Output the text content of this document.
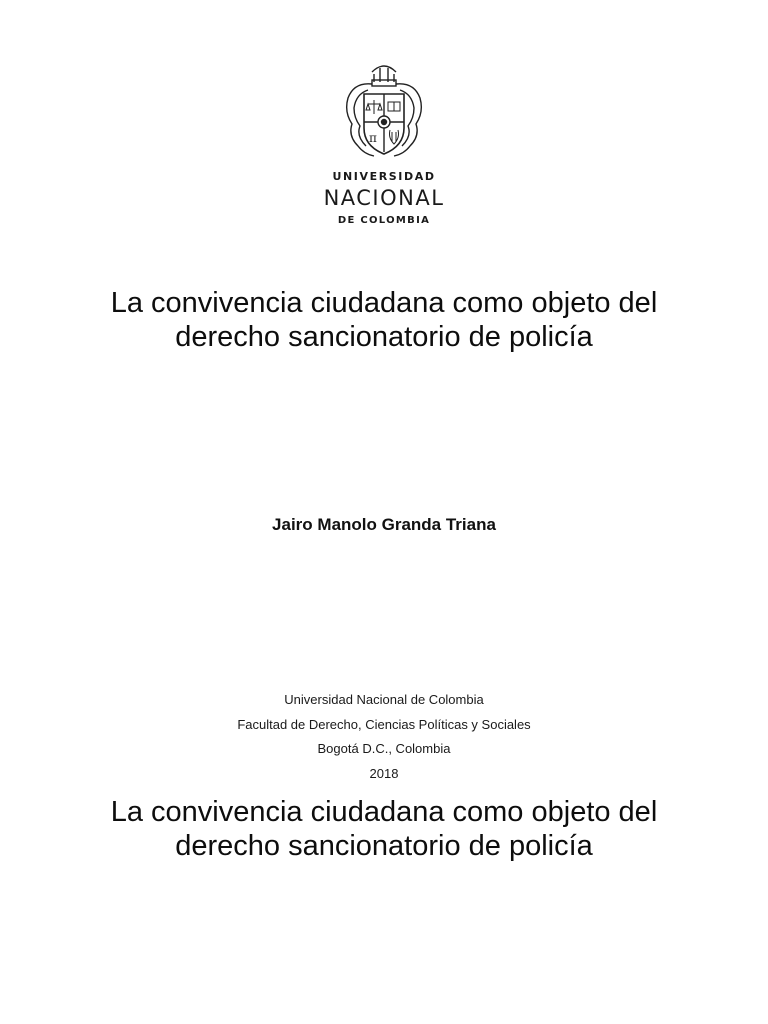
π
UNIVERSIDAD
NACIONAL
DE COLOMBIA
La convivencia ciudadana como objeto del derecho sancionatorio de policía
Jairo Manolo Granda Triana
Universidad Nacional de Colombia
Facultad de Derecho, Ciencias Políticas y Sociales
Bogotá D.C., Colombia
2018
La convivencia ciudadana como objeto del derecho sancionatorio de policía
